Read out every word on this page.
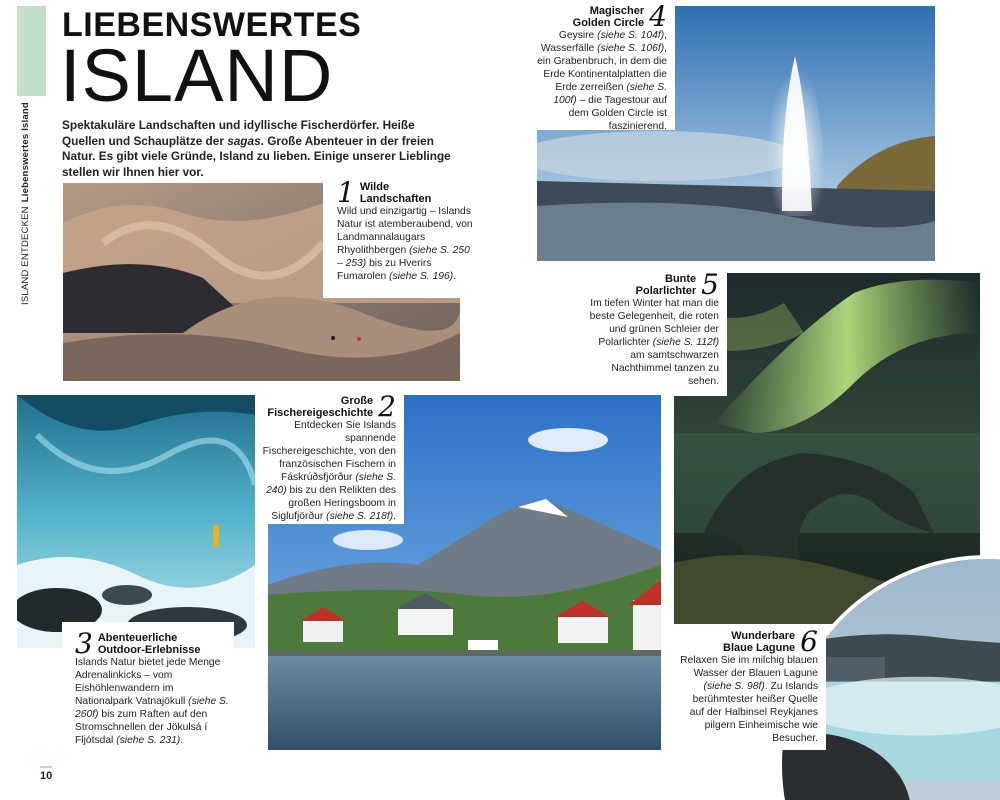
ISLAND ENTDECKENLiebenswertes Island
LIEBENSWERTES
ISLAND
Spektakuläre Landschaften und idyllische Fischerdörfer. Heiße Quellen und Schauplätze der sagas. Große Abenteuer in der freien Natur. Es gibt viele Gründe, Island zu lieben. Einige unserer Lieblinge stellen wir Ihnen hier vor.
1 Wilde
Landschaften
Wild und einzigartig – Islands Natur ist atemberaubend, von Landmannalaugars Rhyolithbergen (siehe S. 250 – 253) bis zu Hverirs Fumarolen (siehe S. 196).
Magischer
Golden Circle 4
Geysire (siehe S. 104f), Wasserfälle (siehe S. 106f), ein Grabenbruch, in dem die Erde Kontinentalplatten die Erde zerreißen (siehe S. 100f) – die Tagestour auf dem Golden Circle ist faszinierend.
Bunte
Polarlichter 5
Im tiefen Winter hat man die beste Gelegenheit, die roten und grünen Schleier der Polarlichter (siehe S. 112f) am samtschwarzen Nachthimmel tanzen zu sehen.
3 Abenteuerliche
Outdoor-Erlebnisse
Islands Natur bietet jede Menge Adrenalinkicks – vom Eishöhlenwandern im Nationalpark Vatnajökull (siehe S. 260f) bis zum Raften auf den Stromschnellen der Jökulsá í Fljótsdal (siehe S. 231).
Große
Fischereigeschichte 2
Entdecken Sie Islands spannende Fischereigeschichte, von den französischen Fischern in Fáskrúðsfjörður (siehe S. 240) bis zu den Relikten des großen Heringsboom in Siglufjörður (siehe S. 218f).
Wunderbare
Blaue Lagune 6
Relaxen Sie im milchig blauen Wasser der Blauen Lagune (siehe S. 98f). Zu Islands berühmtester heißer Quelle auf der Halbinsel Reykjanes pilgern Einheimische wie Besucher.
10
